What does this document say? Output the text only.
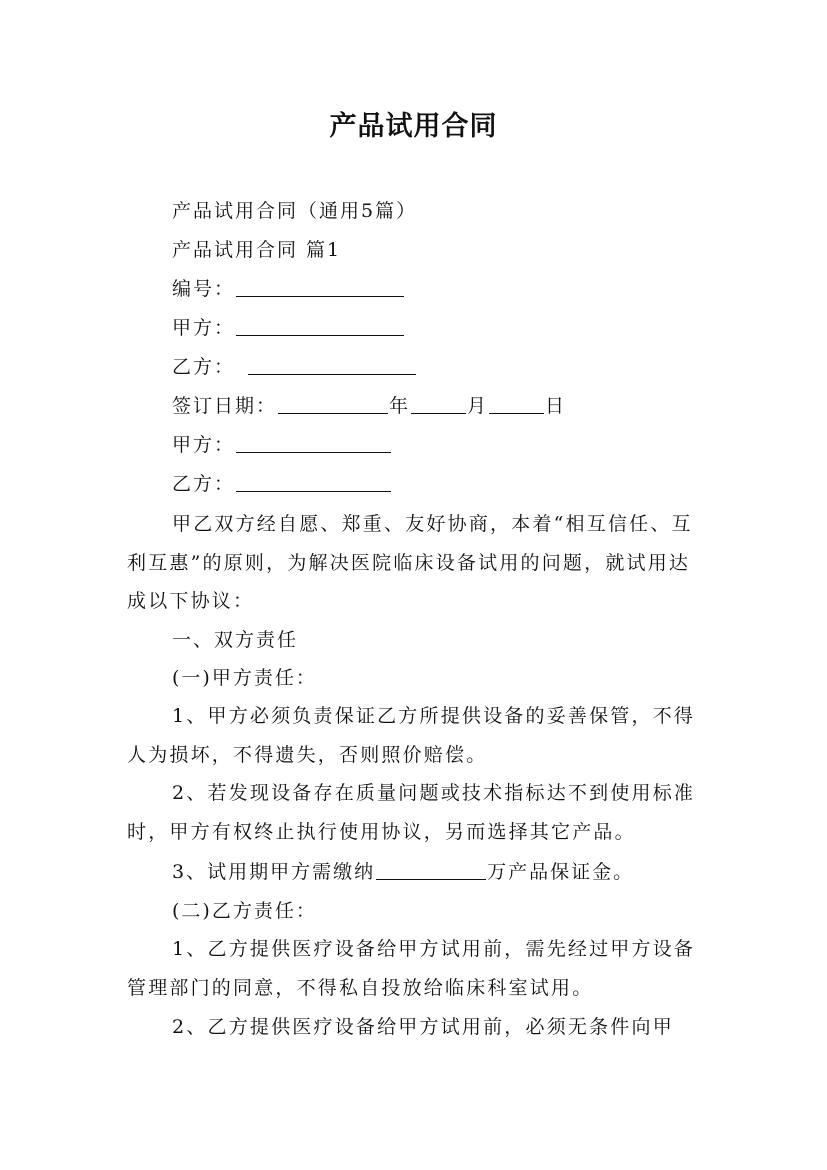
产品试用合同
产品试用合同（通用5篇）
产品试用合同 篇1
编号：
甲方：
乙方：
签订日期：	年	月	日
甲方：
乙方：
甲乙双方经自愿、郑重、友好协商，本着“相互信任、互利互惠”的原则，为解决医院临床设备试用的问题，就试用达成以下协议：
一、双方责任
(一)甲方责任：
1、甲方必须负责保证乙方所提供设备的妥善保管，不得人为损坏，不得遗失，否则照价赔偿。
2、若发现设备存在质量问题或技术指标达不到使用标准时，甲方有权终止执行使用协议，另而选择其它产品。
3、试用期甲方需缴纳	万产品保证金。
(二)乙方责任：
1、乙方提供医疗设备给甲方试用前，需先经过甲方设备管理部门的同意，不得私自投放给临床科室试用。
2、乙方提供医疗设备给甲方试用前，必须无条件向甲
